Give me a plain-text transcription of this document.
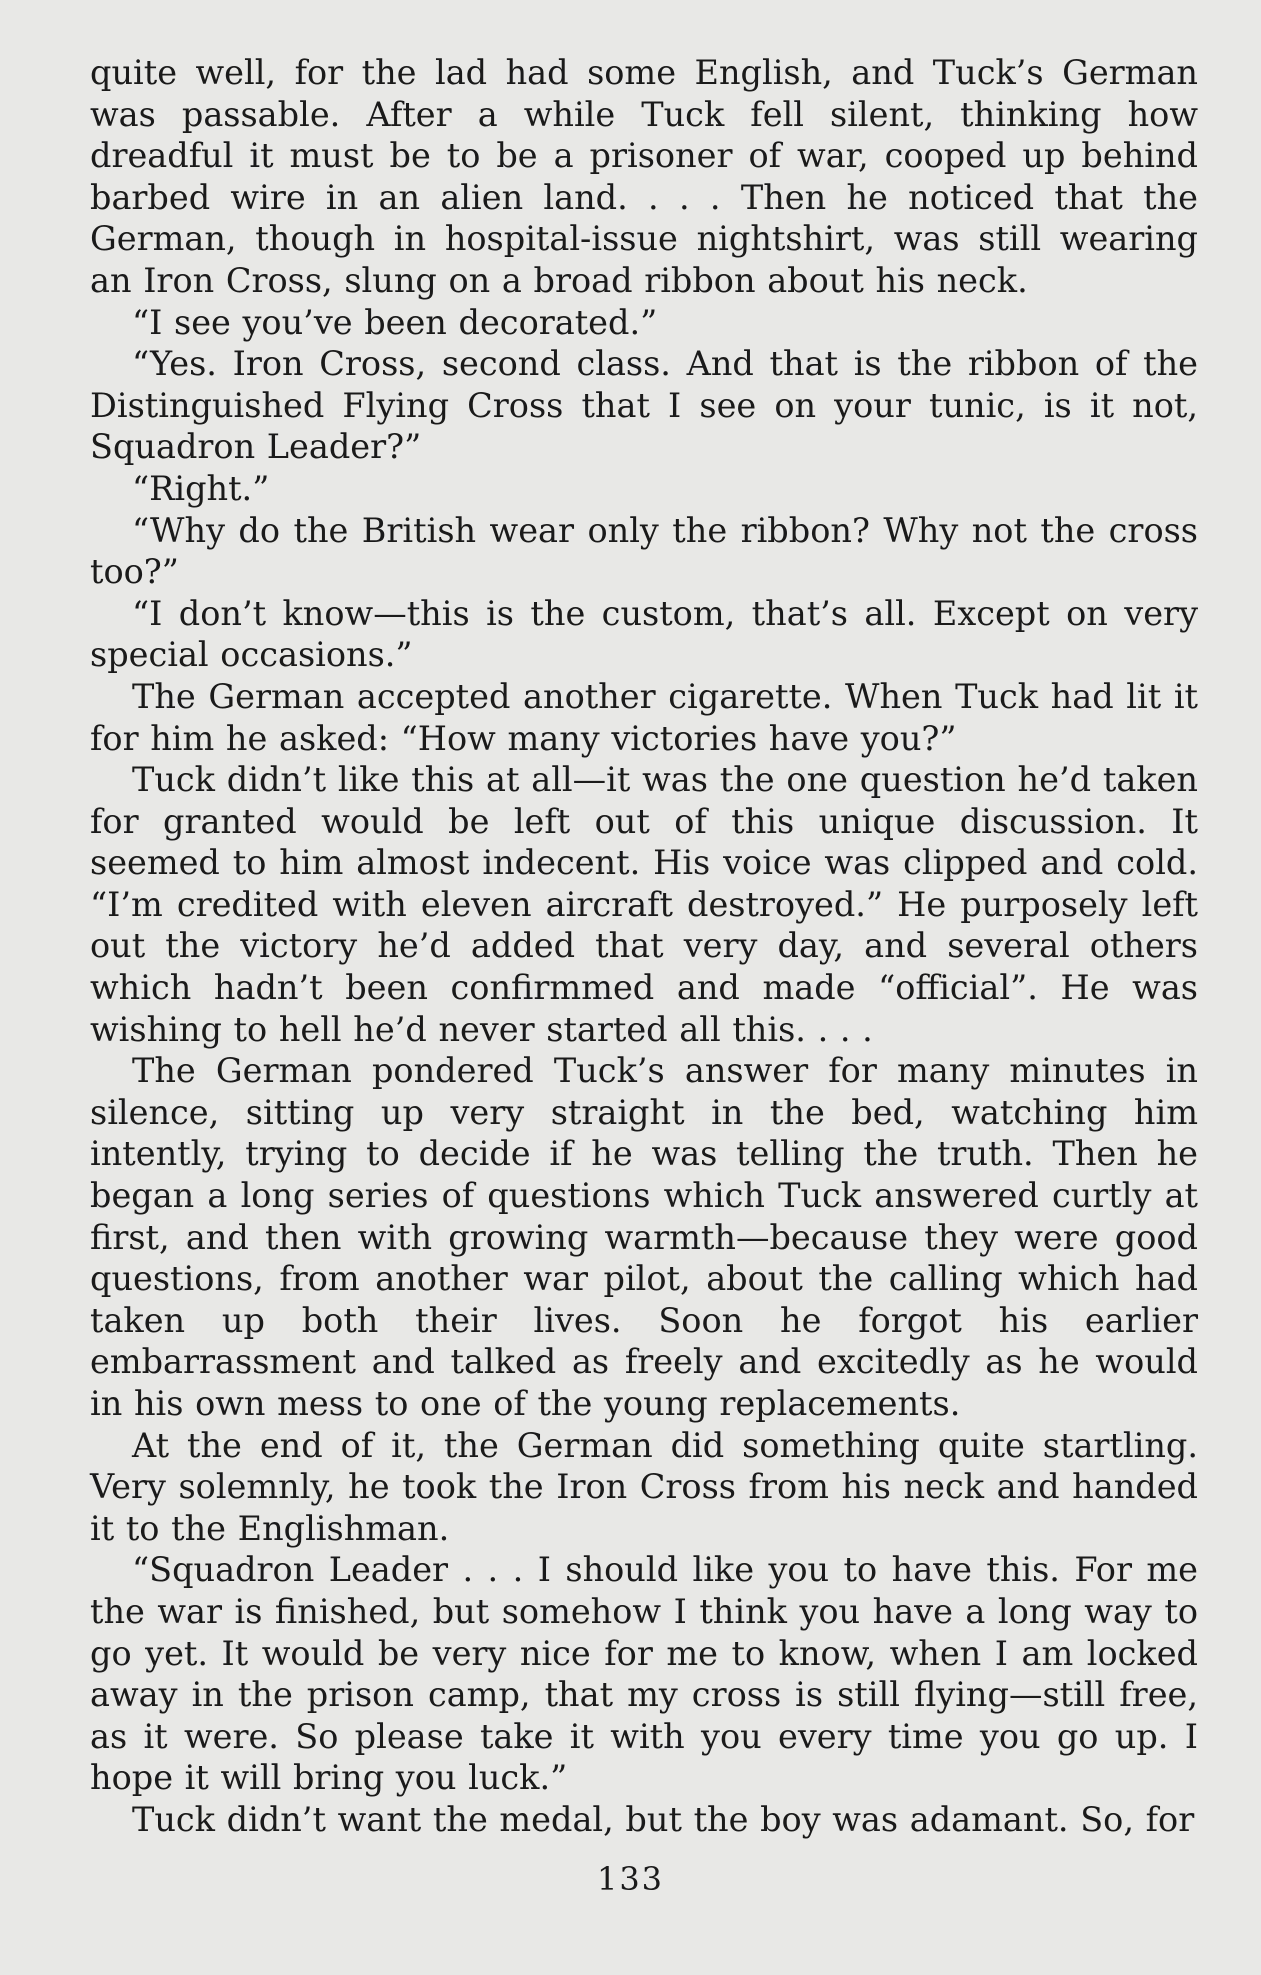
quite well, for the lad had some English, and Tuck’s German was passable. After a while Tuck fell silent, thinking how dreadful it must be to be a prisoner of war, cooped up behind barbed wire in an alien land. . . . Then he noticed that the German, though in hospital-issue nightshirt, was still wearing an Iron Cross, slung on a broad ribbon about his neck.

“I see you’ve been decorated.”

“Yes. Iron Cross, second class. And that is the ribbon of the Distinguished Flying Cross that I see on your tunic, is it not, Squadron Leader?”

“Right.”

“Why do the British wear only the ribbon? Why not the cross too?”

“I don’t know—this is the custom, that’s all. Except on very special occasions.”

The German accepted another cigarette. When Tuck had lit it for him he asked: “How many victories have you?”

Tuck didn’t like this at all—it was the one question he’d taken for granted would be left out of this unique discussion. It seemed to him almost indecent. His voice was clipped and cold. “I’m credited with eleven aircraft destroyed.” He purposely left out the victory he’d added that very day, and several others which hadn’t been confirmmed and made “official”. He was wishing to hell he’d never started all this. . . .

The German pondered Tuck’s answer for many minutes in silence, sitting up very straight in the bed, watching him intently, trying to decide if he was telling the truth. Then he began a long series of questions which Tuck answered curtly at first, and then with growing warmth—because they were good questions, from another war pilot, about the calling which had taken up both their lives. Soon he forgot his earlier embarrassment and talked as freely and excitedly as he would in his own mess to one of the young replacements.

At the end of it, the German did something quite startling. Very solemnly, he took the Iron Cross from his neck and handed it to the Englishman.

“Squadron Leader . . . I should like you to have this. For me the war is finished, but somehow I think you have a long way to go yet. It would be very nice for me to know, when I am locked away in the prison camp, that my cross is still flying—still free, as it were. So please take it with you every time you go up. I hope it will bring you luck.”

Tuck didn’t want the medal, but the boy was adamant. So, for

133
